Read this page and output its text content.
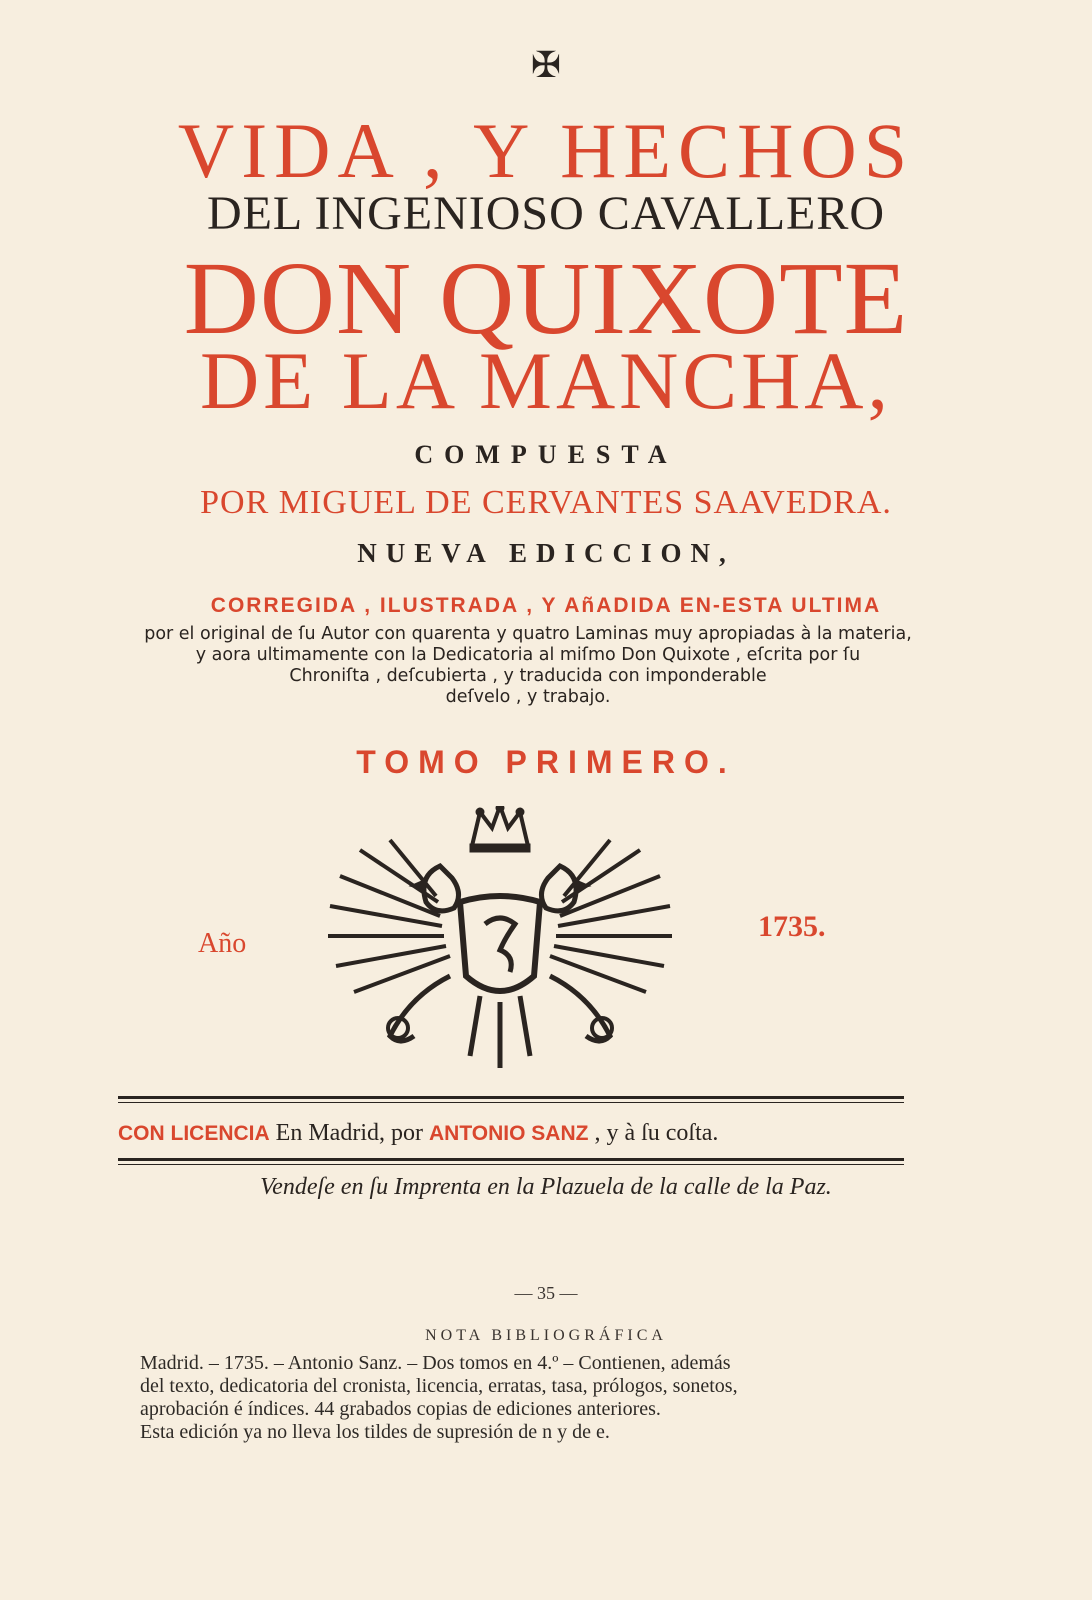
✠
VIDA , Y HECHOS
DEL INGENIOSO CAVALLERO
DON QUIXOTE
DE LA MANCHA,
COMPUESTA
POR MIGUEL DE CERVANTES SAAVEDRA.
NUEVA EDICCION,
CORREGIDA , ILUSTRADA , Y AñADIDA EN-ESTA ULTIMA
por el original de ſu Autor con quarenta y quatro Laminas muy apropiadas à la materia,
y aora ultimamente con la Dedicatoria al miſmo Don Quixote , eſcrita por ſu
Chroniſta , deſcubierta , y traducida con imponderable
deſvelo , y trabajo.
TOMO PRIMERO.
Año
1735.
CON LICENCIA En Madrid, por ANTONIO SANZ , y à ſu coſta.
Vendeſe en ſu Imprenta en la Plazuela de la calle de la Paz.
— 35 —
NOTA BIBLIOGRÁFICA
Madrid. – 1735. – Antonio Sanz. – Dos tomos en 4.º – Contienen, además
del texto, dedicatoria del cronista, licencia, erratas, tasa, prólogos, sonetos,
aprobación é índices. 44 grabados copias de ediciones anteriores.
Esta edición ya no lleva los tildes de supresión de n y de e.
